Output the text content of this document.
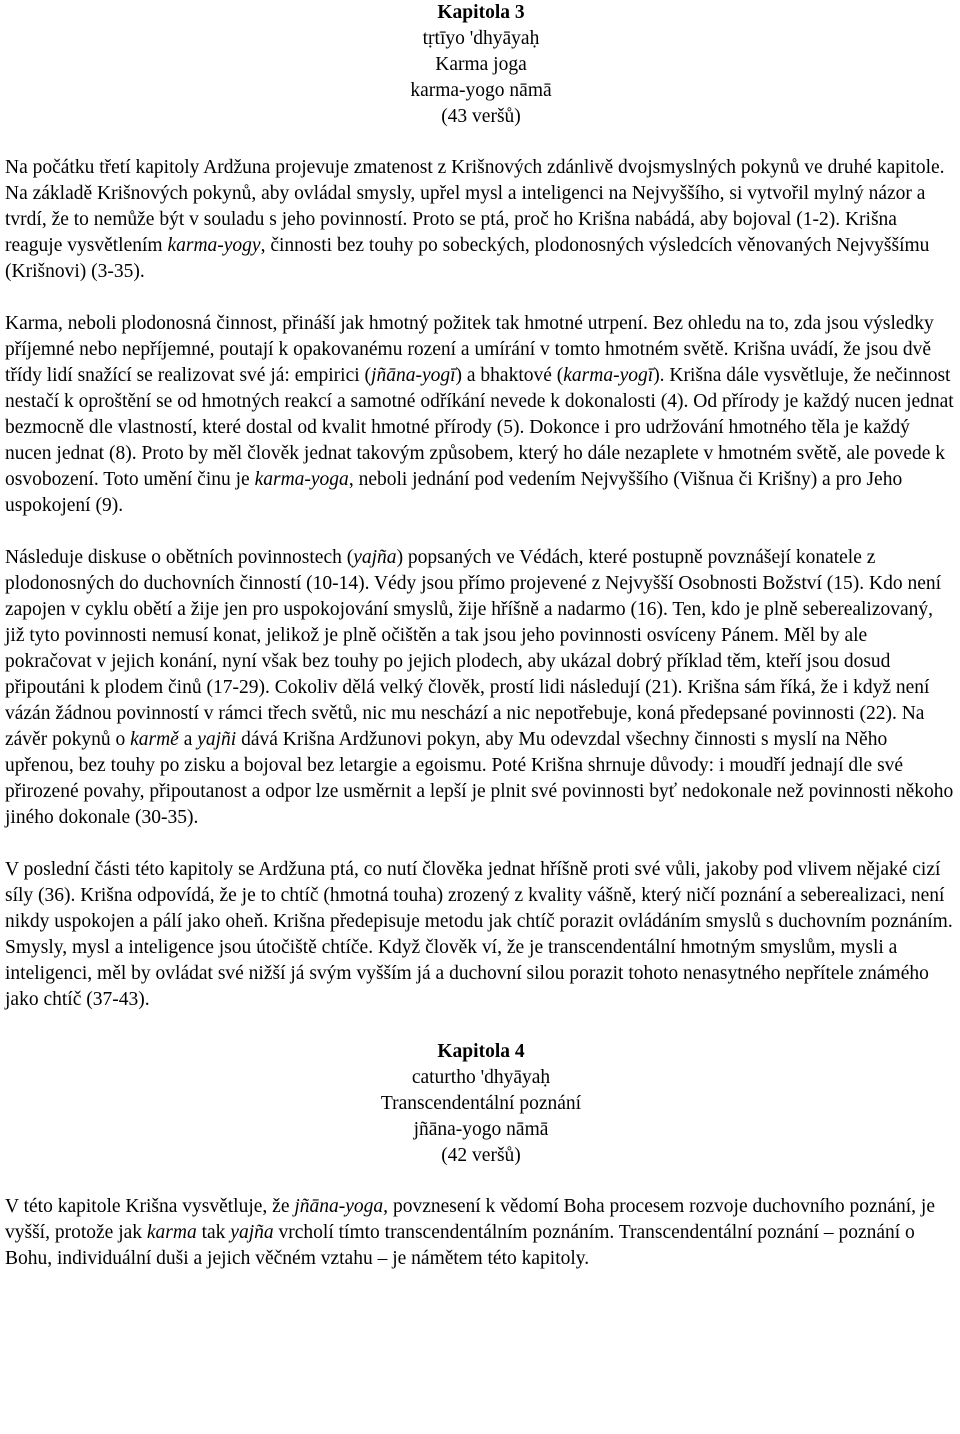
Kapitola 3
tṛtīyo 'dhyāyaḥ
Karma joga
karma-yogo nāmā
(43 veršů)

Na počátku třetí kapitoly Ardžuna projevuje zmatenost z Krišnových zdánlivě dvojsmyslných pokynů ve druhé kapitole. Na základě Krišnových pokynů, aby ovládal smysly, upřel mysl a inteligenci na Nejvyššího, si vytvořil mylný názor a tvrdí, že to nemůže být v souladu s jeho povinností. Proto se ptá, proč ho Krišna nabádá, aby bojoval (1-2). Krišna reaguje vysvětlením karma-yogy, činnosti bez touhy po sobeckých, plodonosných výsledcích věnovaných Nejvyššímu (Krišnovi) (3-35).

Karma, neboli plodonosná činnost, přináší jak hmotný požitek tak hmotné utrpení. Bez ohledu na to, zda jsou výsledky příjemné nebo nepříjemné, poutají k opakovanému rození a umírání v tomto hmotném světě. Krišna uvádí, že jsou dvě třídy lidí snažící se realizovat své já: empirici (jñāna-yogī) a bhaktové (karma-yogī). Krišna dále vysvětluje, že nečinnost nestačí k oproštění se od hmotných reakcí a samotné odříkání nevede k dokonalosti (4). Od přírody je každý nucen jednat bezmocně dle vlastností, které dostal od kvalit hmotné přírody (5). Dokonce i pro udržování hmotného těla je každý nucen jednat (8). Proto by měl člověk jednat takovým způsobem, který ho dále nezaplete v hmotném světě, ale povede k osvobození. Toto umění činu je karma-yoga, neboli jednání pod vedením Nejvyššího (Višnua či Krišny) a pro Jeho uspokojení (9).

Následuje diskuse o obětních povinnostech (yajña) popsaných ve Védách, které postupně povznášejí konatele z plodonosných do duchovních činností (10-14). Védy jsou přímo projevené z Nejvyšší Osobnosti Božství (15). Kdo není zapojen v cyklu obětí a žije jen pro uspokojování smyslů, žije hříšně a nadarmo (16). Ten, kdo je plně seberealizovaný, již tyto povinnosti nemusí konat, jelikož je plně očištěn a tak jsou jeho povinnosti osvíceny Pánem. Měl by ale pokračovat v jejich konání, nyní však bez touhy po jejich plodech, aby ukázal dobrý příklad těm, kteří jsou dosud připoutáni k plodem činů (17-29). Cokoliv dělá velký člověk, prostí lidi následují (21). Krišna sám říká, že i když není vázán žádnou povinností v rámci třech světů, nic mu neschází a nic nepotřebuje, koná předepsané povinnosti (22). Na závěr pokynů o karmě a yajñi dává Krišna Ardžunovi pokyn, aby Mu odevzdal všechny činnosti s myslí na Něho upřenou, bez touhy po zisku a bojoval bez letargie a egoismu. Poté Krišna shrnuje důvody: i moudří jednají dle své přirozené povahy, připoutanost a odpor lze usměrnit a lepší je plnit své povinnosti byť nedokonale než povinnosti někoho jiného dokonale (30-35).

V poslední části této kapitoly se Ardžuna ptá, co nutí člověka jednat hříšně proti své vůli, jakoby pod vlivem nějaké cizí síly (36). Krišna odpovídá, že je to chtíč (hmotná touha) zrozený z kvality vášně, který ničí poznání a seberealizaci, není nikdy uspokojen a pálí jako oheň. Krišna předepisuje metodu jak chtíč porazit ovládáním smyslů s duchovním poznáním. Smysly, mysl a inteligence jsou útočiště chtíče. Když člověk ví, že je transcendentální hmotným smyslům, mysli a inteligenci, měl by ovládat své nižší já svým vyšším já a duchovní silou porazit tohoto nenasytného nepřítele známého jako chtíč (37-43).

Kapitola 4
caturtho 'dhyāyaḥ
Transcendentální poznání
jñāna-yogo nāmā
(42 veršů)

V této kapitole Krišna vysvětluje, že jñāna-yoga, povznesení k vědomí Boha procesem rozvoje duchovního poznání, je vyšší, protože jak karma tak yajña vrcholí tímto transcendentálním poznáním. Transcendentální poznání – poznání o Bohu, individuální duši a jejich věčném vztahu – je námětem této kapitoly.
